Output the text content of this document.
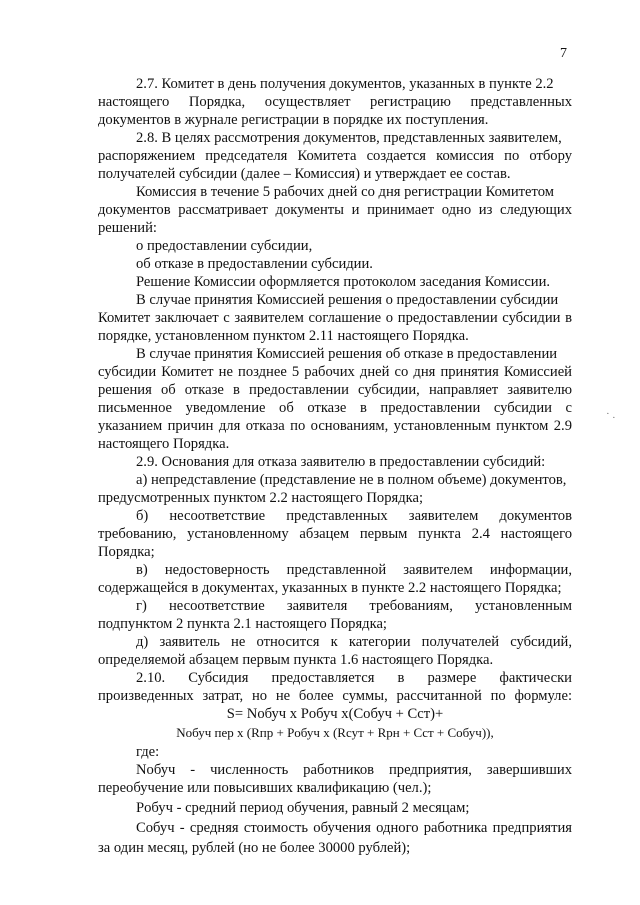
7
2.7. Комитет в день получения документов, указанных в пункте 2.2
настоящего Порядка, осуществляет регистрацию представленных
документов в журнале регистрации в порядке их поступления.
2.8. В целях рассмотрения документов, представленных заявителем,
распоряжением председателя Комитета создается комиссия по отбору
получателей субсидии (далее – Комиссия) и утверждает ее состав.
Комиссия в течение 5 рабочих дней со дня регистрации Комитетом
документов рассматривает документы и принимает одно из следующих
решений:
о предоставлении субсидии,
об отказе в предоставлении субсидии.
Решение Комиссии оформляется протоколом заседания Комиссии.
В случае принятия Комиссией решения о предоставлении субсидии
Комитет заключает с заявителем соглашение о предоставлении субсидии в
порядке, установленном пунктом 2.11 настоящего Порядка.
В случае принятия Комиссией решения об отказе в предоставлении
субсидии Комитет не позднее 5 рабочих дней со дня принятия Комиссией
решения об отказе в предоставлении субсидии, направляет заявителю
письменное уведомление об отказе в предоставлении субсидии с
указанием причин для отказа по основаниям, установленным пунктом 2.9
настоящего Порядка.
2.9. Основания для отказа заявителю в предоставлении субсидий:
а) непредставление (представление не в полном объеме) документов,
предусмотренных пунктом 2.2 настоящего Порядка;
б) несоответствие представленных заявителем документов
требованию, установленному абзацем первым пункта 2.4 настоящего
Порядка;
в) недостоверность представленной заявителем информации,
содержащейся в документах, указанных в пункте 2.2 настоящего Порядка;
г) несоответствие заявителя требованиям, установленным
подпунктом 2 пункта 2.1 настоящего Порядка;
д) заявитель не относится к категории получателей субсидий,
определяемой абзацем первым пункта 1.6 настоящего Порядка.
2.10. Субсидия предоставляется в размере фактически
произведенных затрат, но не более суммы, рассчитанной по формуле:
S= Nобуч х Pобуч х(Cобуч + Cст)+
Nобуч пер х (Rпр + Pобуч х (Rсут + Rрн + Cст + Cобуч)),
где:
Nобуч - численность работников предприятия, завершивших
переобучение или повысивших квалификацию (чел.);
Pобуч - средний период обучения, равный 2 месяцам;
Cобуч - средняя стоимость обучения одного работника предприятия
за один месяц, рублей (но не более 30000 рублей);
· ·
